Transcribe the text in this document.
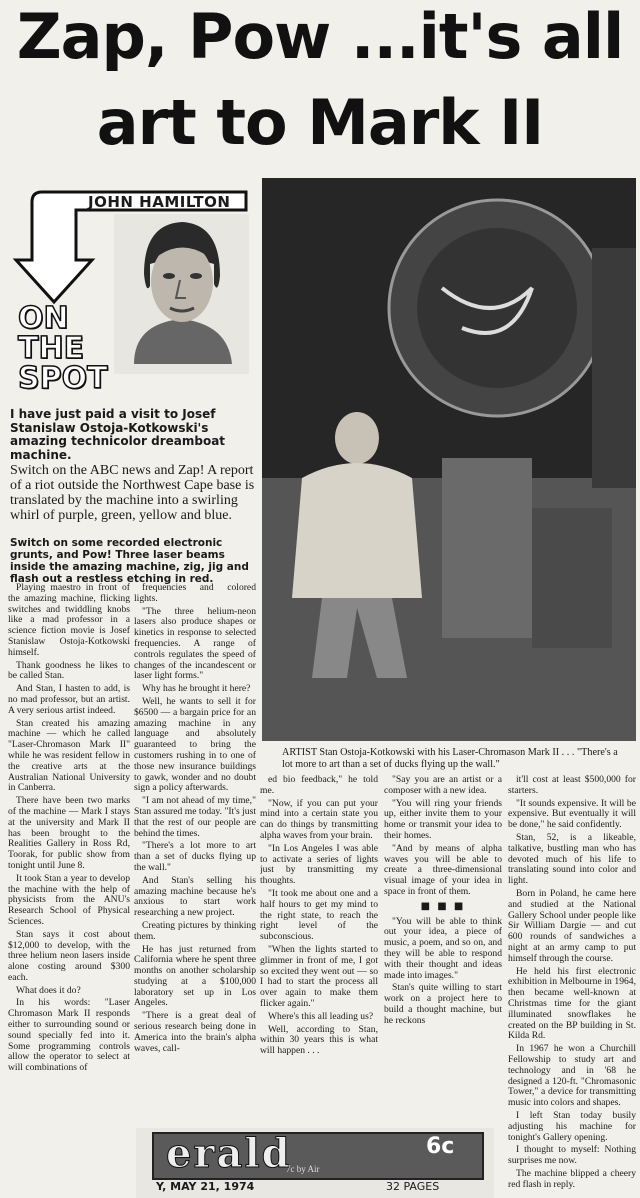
Zap, Pow ...it's all
art to Mark II
JOHN HAMILTON
ON
THE
SPOT
I have just paid a visit to Josef Stanislaw Ostoja-Kotkowski's amazing technicolor dreamboat machine.
Switch on the ABC news and Zap! A report of a riot outside the Northwest Cape base is translated by the machine into a swirling whirl of purple, green, yellow and blue.
Switch on some recorded electronic grunts, and Pow! Three laser beams inside the amazing machine, zig, jig and flash out a restless etching in red.
ARTIST Stan Ostoja-Kotkowski with his Laser-Chromason Mark II . . . "There's a lot more to art than a set of ducks flying up the wall."

Playing maestro in front of the amazing machine, flicking switches and twiddling knobs like a mad professor in a science fiction movie is Josef Stanislaw Ostoja-Kotkowski himself.

Thank goodness he likes to be called Stan.

And Stan, I hasten to add, is no mad professor, but an artist. A very serious artist indeed.

Stan created his amazing machine — which he called "Laser-Chromason Mark II" while he was resident fellow in the creative arts at the Australian National University in Canberra.

There have been two marks of the machine — Mark I stays at the university and Mark II has been brought to the Realities Gallery in Ross Rd, Toorak, for public show from tonight until June 8.

It took Stan a year to develop the machine with the help of physicists from the ANU's Research School of Physical Sciences.

Stan says it cost about $12,000 to develop, with the three helium neon lasers inside alone costing around $300 each.

What does it do?

In his words: "Laser Chromason Mark II responds either to surrounding sound or sound specially fed into it. Some programming controls allow the operator to select at will combinations of

frequencies and colored lights.

"The three helium-neon lasers also produce shapes or kinetics in response to selected frequencies. A range of controls regulates the speed of changes of the incandescent or laser light forms."

Why has he brought it here?

Well, he wants to sell it for $6500 — a bargain price for an amazing machine in any language and absolutely guaranteed to bring the customers rushing in to one of those new insurance buildings to gawk, wonder and no doubt sign a policy afterwards.

"I am not ahead of my time," Stan assured me today. "It's just that the rest of our people are behind the times.

"There's a lot more to art than a set of ducks flying up the wall."

And Stan's selling his amazing machine because he's anxious to start work researching a new project.

Creating pictures by thinking them.

He has just returned from California where he spent three months on another scholarship studying at a $100,000 laboratory set up in Los Angeles.

"There is a great deal of serious research being done in America into the brain's alpha waves, call-

ed bio feedback," he told me.

"Now, if you can put your mind into a certain state you can do things by transmitting alpha waves from your brain.

"In Los Angeles I was able to activate a series of lights just by transmitting my thoughts.

"It took me about one and a half hours to get my mind to the right state, to reach the right level of the subconscious.

"When the lights started to glimmer in front of me, I got so excited they went out — so I had to start the process all over again to make them flicker again."

Where's this all leading us?

Well, according to Stan, within 30 years this is what will happen . . .

"Say you are an artist or a composer with a new idea.

"You will ring your friends up, either invite them to your home or transmit your idea to their homes.

"And by means of alpha waves you will be able to create a three-dimensional visual image of your idea in space in front of them.

■ ■ ■

"You will be able to think out your idea, a piece of music, a poem, and so on, and they will be able to respond with their thought and ideas made into images."

Stan's quite willing to start work on a project here to build a thought machine, but he reckons

it'll cost at least $500,000 for starters.

"It sounds expensive. It will be expensive. But eventually it will be done," he said confidently.

Stan, 52, is a likeable, talkative, bustling man who has devoted much of his life to translating sound into color and light.

Born in Poland, he came here and studied at the National Gallery School under people like Sir William Dargie — and cut 600 rounds of sandwiches a night at an army camp to put himself through the course.

He held his first electronic exhibition in Melbourne in 1964, then became well-known at Christmas time for the giant illuminated snowflakes he created on the BP building in St. Kilda Rd.

In 1967 he won a Churchill Fellowship to study art and technology and in '68 he designed a 120-ft. "Chromasonic Tower," a device for transmitting music into colors and shapes.

I left Stan today busily adjusting his machine for tonight's Gallery opening.

I thought to myself: Nothing surprises me now.

The machine blipped a cheery red flash in reply.

erald	6c
7c by Air
Y, MAY 21, 1974	32 PAGES
